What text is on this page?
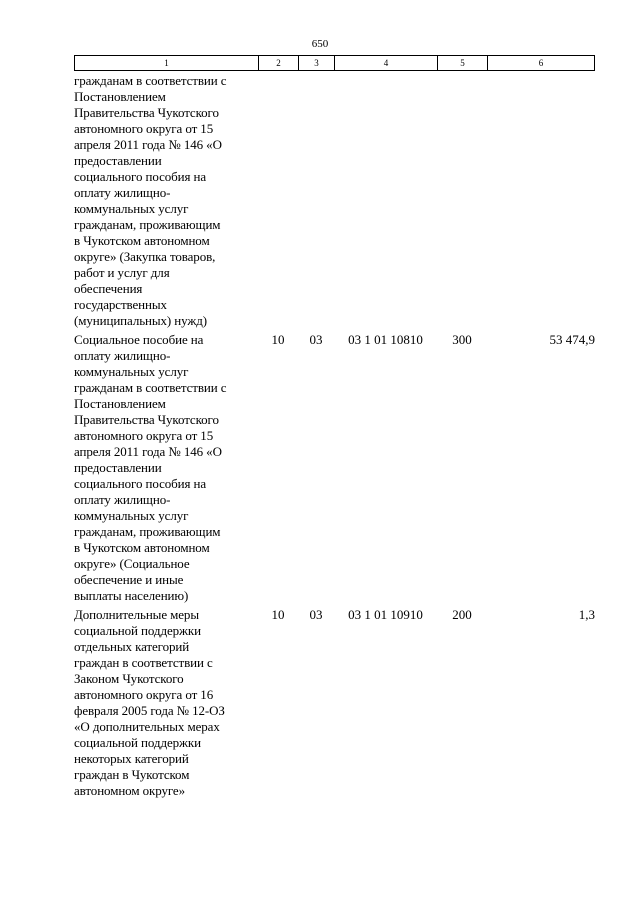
650
1	2	3	4	5	6
гражданам в соответствии с
Постановлением
Правительства Чукотского
автономного округа от 15
апреля 2011 года № 146 «О
предоставлении
социального пособия на
оплату жилищно-
коммунальных услуг
гражданам, проживающим
в Чукотском автономном
округе» (Закупка товаров,
работ и услуг для
обеспечения
государственных
(муниципальных) нужд)
Социальное пособие на
оплату жилищно-
коммунальных услуг
гражданам в соответствии с
Постановлением
Правительства Чукотского
автономного округа от 15
апреля 2011 года № 146 «О
предоставлении
социального пособия на
оплату жилищно-
коммунальных услуг
гражданам, проживающим
в Чукотском автономном
округе» (Социальное
обеспечение и иные
выплаты населению)
10	03	03 1 01 10810	300	53 474,9
Дополнительные меры
социальной поддержки
отдельных категорий
граждан в соответствии с
Законом Чукотского
автономного округа от 16
февраля 2005 года № 12-ОЗ
«О дополнительных мерах
социальной поддержки
некоторых категорий
граждан в Чукотском
автономном округе»
10	03	03 1 01 10910	200	1,3
